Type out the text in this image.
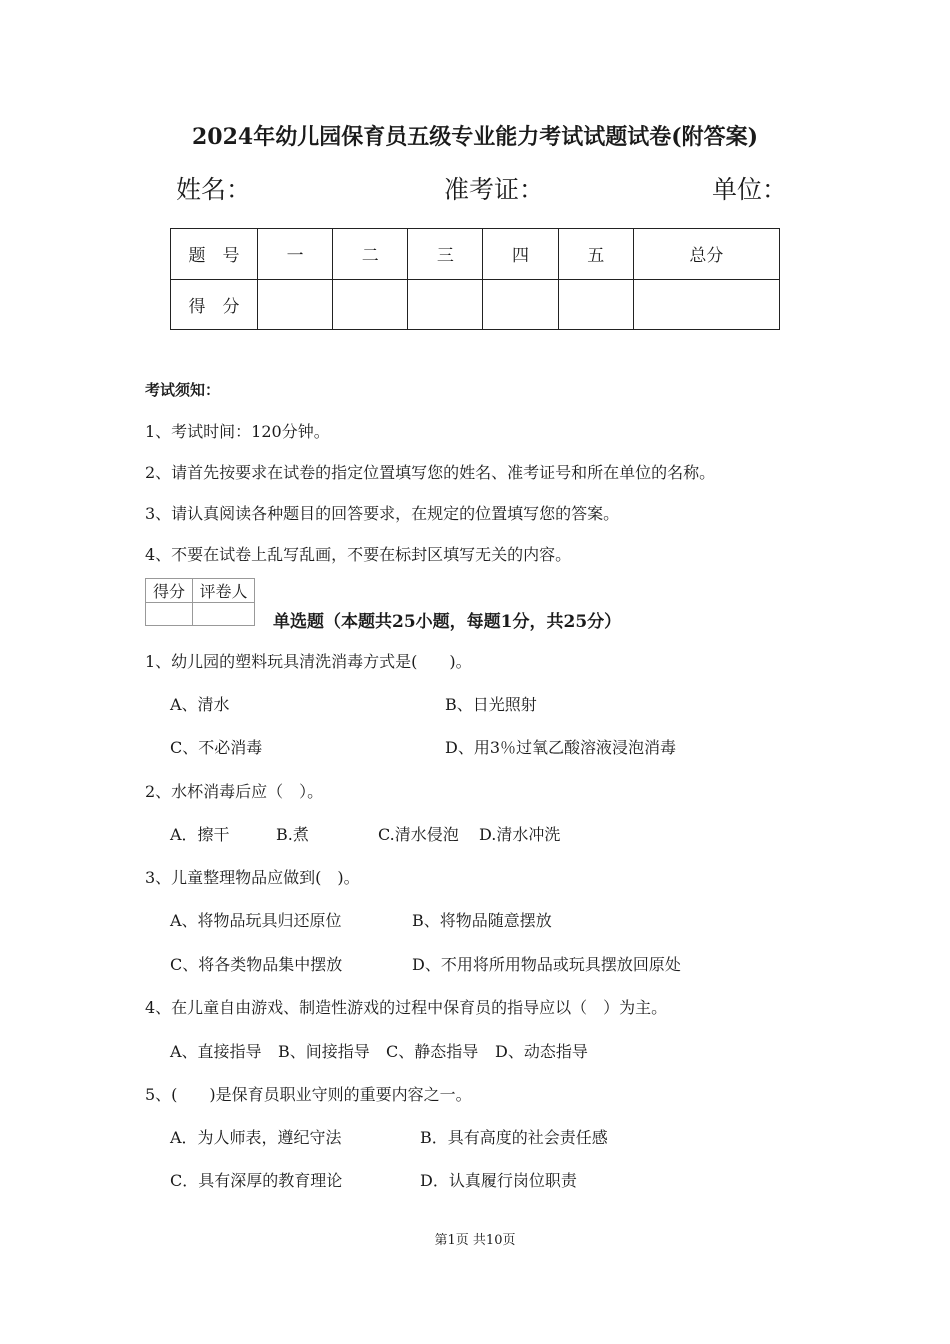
2024年幼儿园保育员五级专业能力考试试题试卷(附答案)
姓名：	准考证：	单位：
题　号	一	二	三	四	五	总分
得　分						
考试须知：
1、考试时间：120分钟。
2、请首先按要求在试卷的指定位置填写您的姓名、准考证号和所在单位的名称。
3、请认真阅读各种题目的回答要求，在规定的位置填写您的答案。
4、不要在试卷上乱写乱画，不要在标封区填写无关的内容。
得分	评卷人

单选题（本题共25小题，每题1分，共25分）
1、幼儿园的塑料玩具清洗消毒方式是(　　)。
A、清水	B、日光照射
C、不必消毒	D、用3％过氧乙酸溶液浸泡消毒
2、水杯消毒后应（　）。
A．擦干	B.煮	C.清水侵泡 D.清水冲洗
3、儿童整理物品应做到(　)。
A、将物品玩具归还原位	B、将物品随意摆放
C、将各类物品集中摆放	D、不用将所用物品或玩具摆放回原处
4、在儿童自由游戏、制造性游戏的过程中保育员的指导应以（　）为主。
A、直接指导 B、间接指导 C、静态指导 D、动态指导
5、(　　)是保育员职业守则的重要内容之一。
A．为人师表，遵纪守法	B．具有高度的社会责任感
C．具有深厚的教育理论	D．认真履行岗位职责
第1页 共10页
